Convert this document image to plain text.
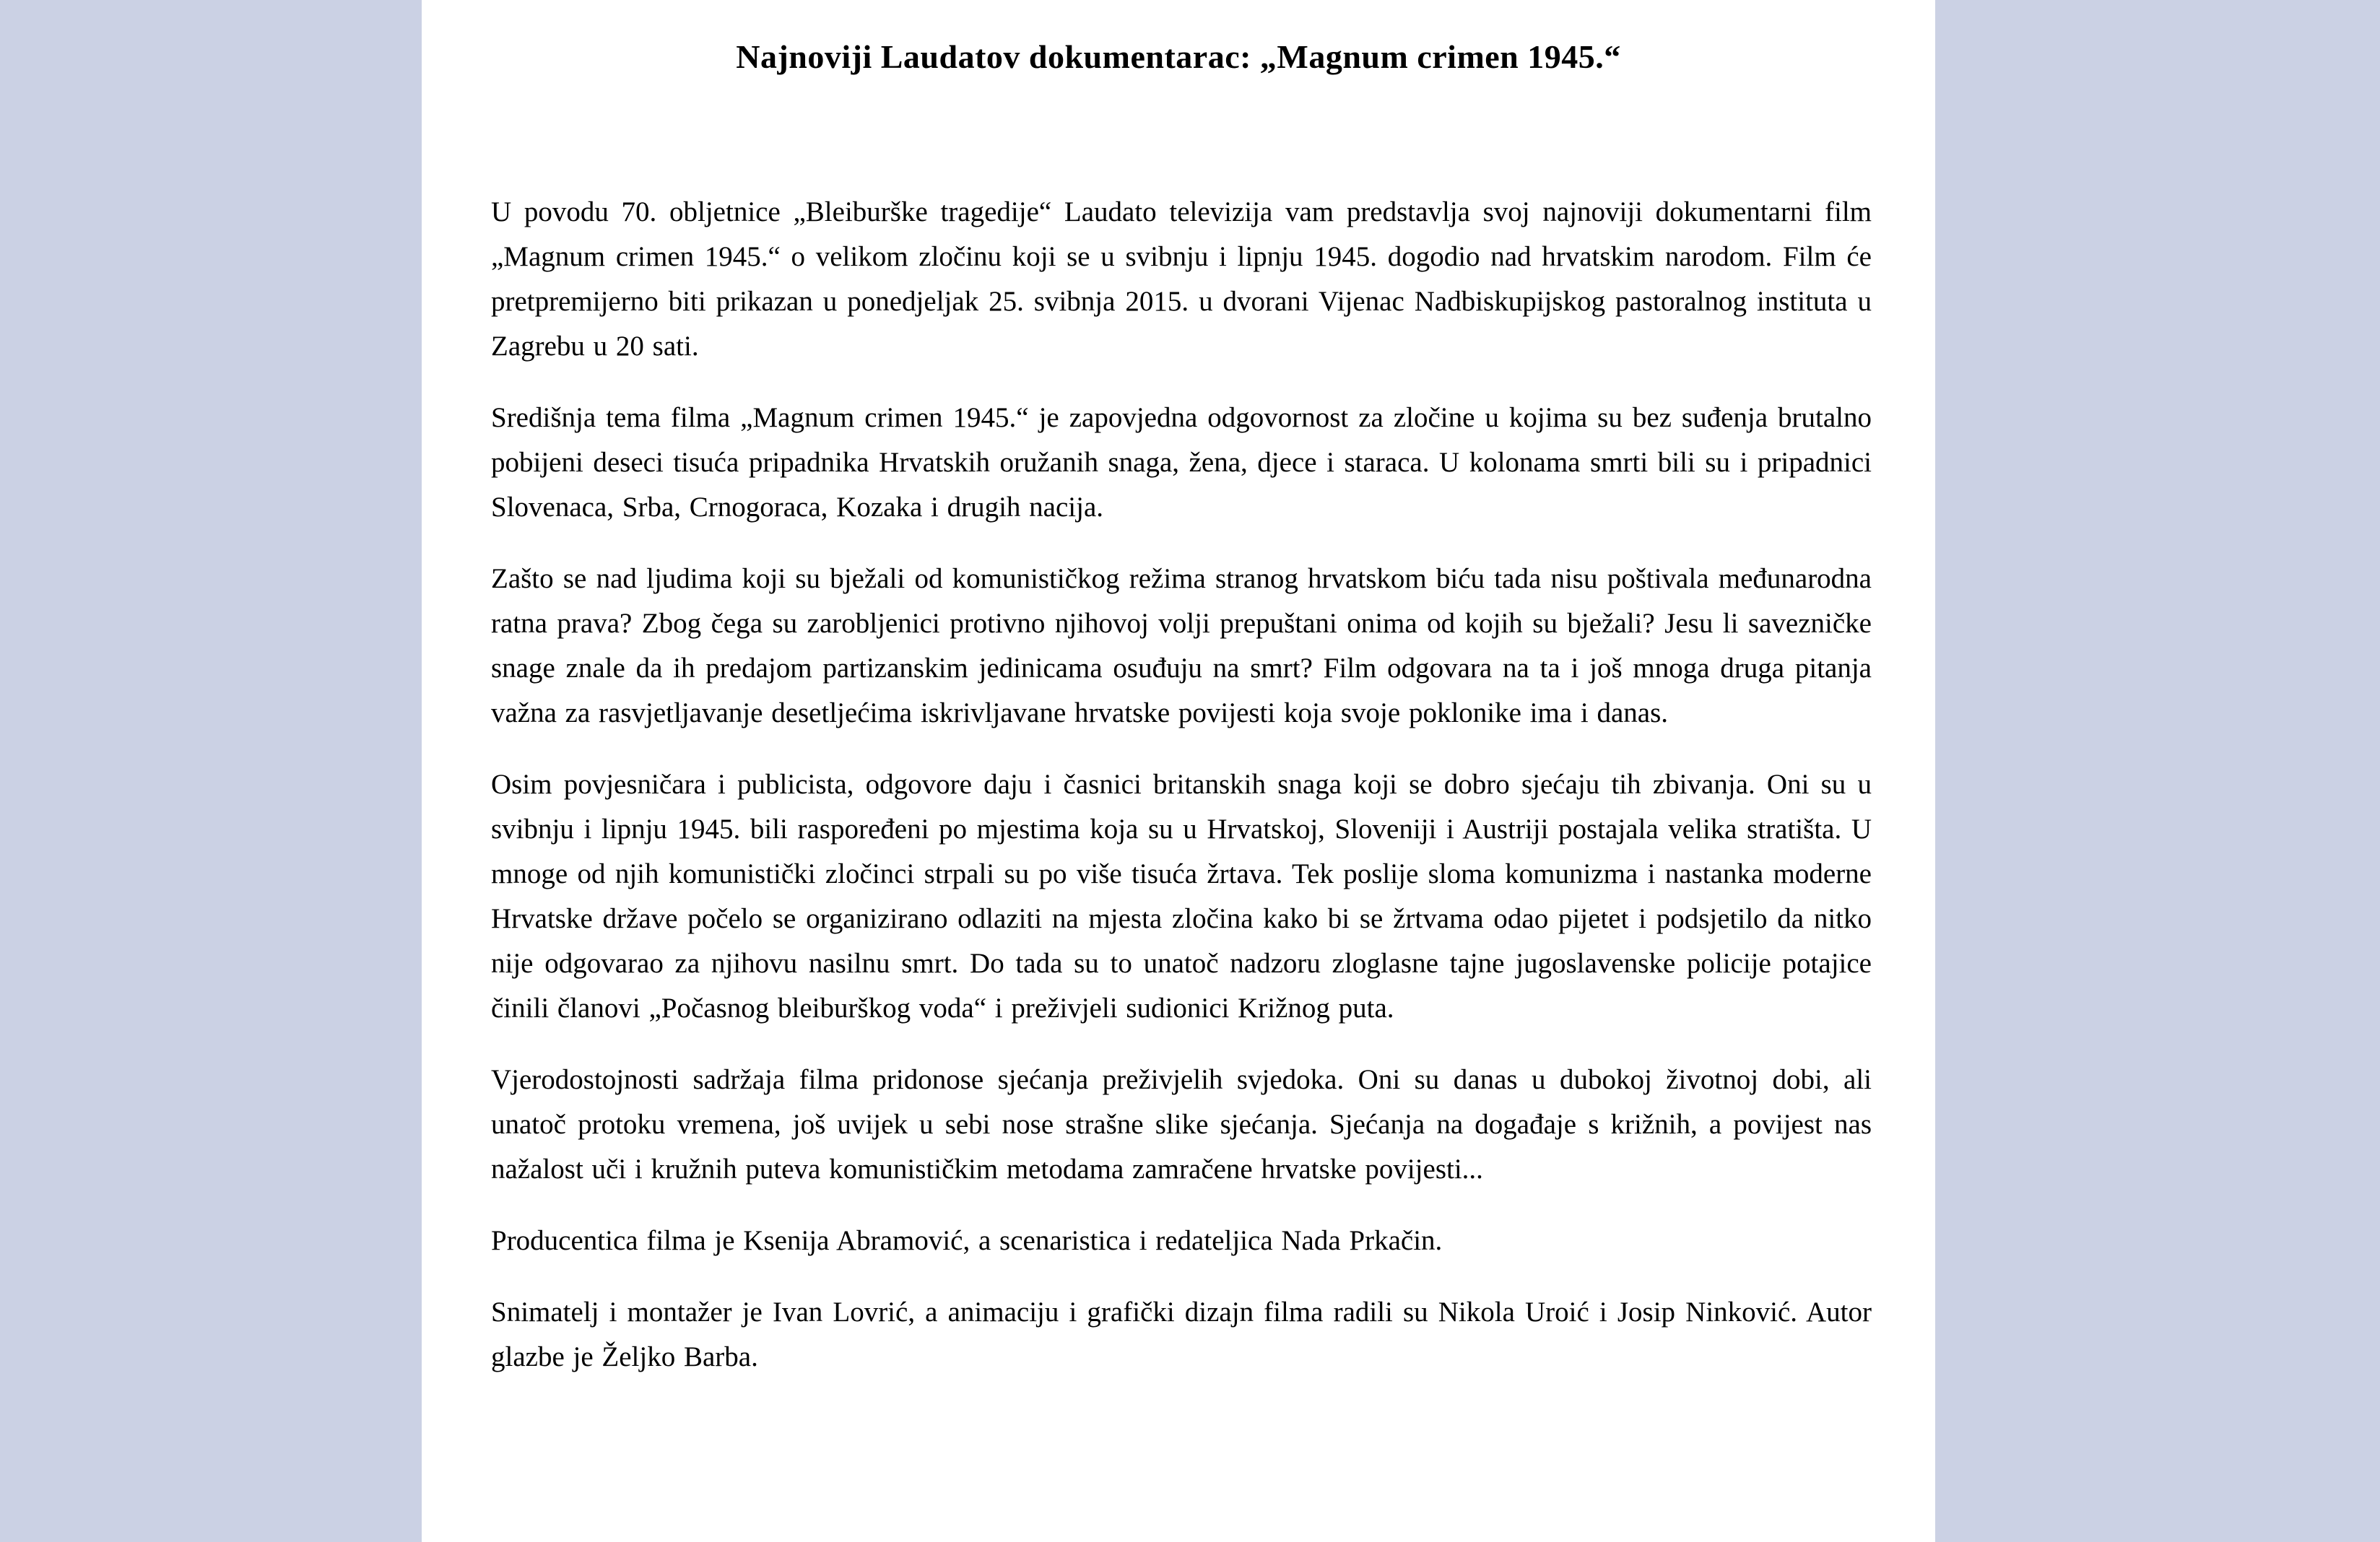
Najnoviji Laudatov dokumentarac: „Magnum crimen 1945.“

U povodu 70. obljetnice „Bleiburške tragedije“ Laudato televizija vam predstavlja svoj najnoviji dokumentarni film „Magnum crimen 1945.“ o velikom zločinu koji se u svibnju i lipnju 1945. dogodio nad hrvatskim narodom. Film će pretpremijerno biti prikazan u ponedjeljak 25. svibnja 2015. u dvorani Vijenac Nadbiskupijskog pastoralnog instituta u Zagrebu u 20 sati.

Središnja tema filma „Magnum crimen 1945.“ je zapovjedna odgovornost za zločine u kojima su bez suđenja brutalno pobijeni deseci tisuća pripadnika Hrvatskih oružanih snaga, žena, djece i staraca. U kolonama smrti bili su i pripadnici Slovenaca, Srba, Crnogoraca, Kozaka i drugih nacija.

Zašto se nad ljudima koji su bježali od komunističkog režima stranog hrvatskom biću tada nisu poštivala međunarodna ratna prava? Zbog čega su zarobljenici protivno njihovoj volji prepuštani onima od kojih su bježali? Jesu li savezničke snage znale da ih predajom partizanskim jedinicama osuđuju na smrt? Film odgovara na ta i još mnoga druga pitanja važna za rasvjetljavanje desetljećima iskrivljavane hrvatske povijesti koja svoje poklonike ima i danas.

Osim povjesničara i publicista, odgovore daju i časnici britanskih snaga koji se dobro sjećaju tih zbivanja. Oni su u svibnju i lipnju 1945. bili raspoređeni po mjestima koja su u Hrvatskoj, Sloveniji i Austriji postajala velika stratišta. U mnoge od njih komunistički zločinci strpali su po više tisuća žrtava. Tek poslije sloma komunizma i nastanka moderne Hrvatske države počelo se organizirano odlaziti na mjesta zločina kako bi se žrtvama odao pijetet i podsjetilo da nitko nije odgovarao za njihovu nasilnu smrt. Do tada su to unatoč nadzoru zloglasne tajne jugoslavenske policije potajice činili članovi „Počasnog bleiburškog voda“ i preživjeli sudionici Križnog puta.

Vjerodostojnosti sadržaja filma pridonose sjećanja preživjelih svjedoka. Oni su danas u dubokoj životnoj dobi, ali unatoč protoku vremena, još uvijek u sebi nose strašne slike sjećanja. Sjećanja na događaje s križnih, a povijest nas nažalost uči i kružnih puteva komunističkim metodama zamračene hrvatske povijesti...

Producentica filma je Ksenija Abramović, a scenaristica i redateljica Nada Prkačin.

Snimatelj i montažer je Ivan Lovrić, a animaciju i grafički dizajn filma radili su Nikola Uroić i Josip Ninković. Autor glazbe je Željko Barba.
